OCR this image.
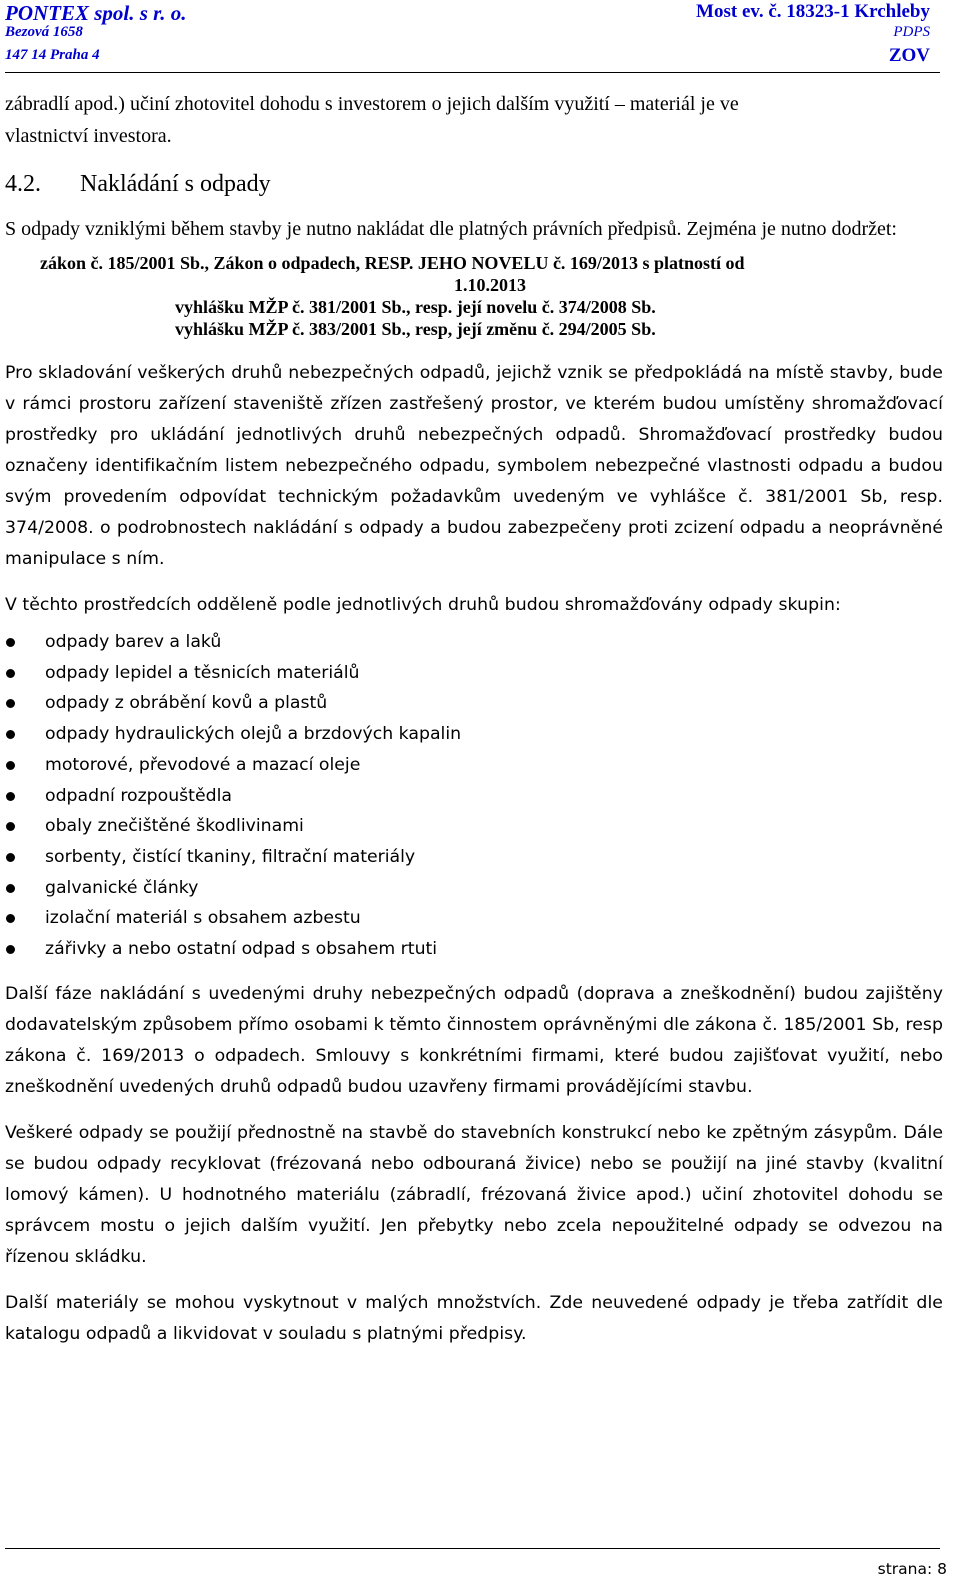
PONTEX spol. s r. o.
Bezová 1658
147 14 Praha 4
Most ev. č. 18323-1 Krchleby
PDPS
ZOV

zábradlí apod.) učiní zhotovitel dohodu s investorem o jejich dalším využití – materiál je ve

vlastnictví investora.

4.2.	Nakládání s odpady

S odpady vzniklými během stavby je nutno nakládat dle platných právních předpisů. Zejména je nutno dodržet:

zákon č. 185/2001 Sb., Zákon o odpadech, RESP. JEHO NOVELU č. 169/2013 s platností od
1.10.2013
vyhlášku MŽP č. 381/2001 Sb., resp. její novelu č. 374/2008 Sb.
vyhlášku MŽP č. 383/2001 Sb., resp, její změnu č. 294/2005 Sb.

Pro skladování veškerých druhů nebezpečných odpadů, jejichž vznik se předpokládá na místě stavby, bude v rámci prostoru zařízení staveniště zřízen zastřešený prostor, ve kterém budou umístěny shromažďovací prostředky pro ukládání jednotlivých druhů nebezpečných odpadů. Shromažďovací prostředky budou označeny identifikačním listem nebezpečného odpadu, symbolem nebezpečné vlastnosti odpadu a budou svým provedením odpovídat technickým požadavkům uvedeným ve vyhlášce č. 381/2001 Sb, resp. 374/2008. o podrobnostech nakládání s odpady a budou zabezpečeny proti zcizení odpadu a neoprávněné manipulace s ním.

V těchto prostředcích odděleně podle jednotlivých druhů budou shromažďovány odpady skupin:

odpady barev a laků
odpady lepidel a těsnicích materiálů
odpady z obrábění kovů a plastů
odpady hydraulických olejů a brzdových kapalin
motorové, převodové a mazací oleje
odpadní rozpouštědla
obaly znečištěné škodlivinami
sorbenty, čistící tkaniny, filtrační materiály
galvanické články
izolační materiál s obsahem azbestu
zářivky a nebo ostatní odpad s obsahem rtuti

Další fáze nakládání s uvedenými druhy nebezpečných odpadů (doprava a zneškodnění) budou zajištěny dodavatelským způsobem přímo osobami k těmto činnostem oprávněnými dle zákona č. 185/2001 Sb, resp zákona č. 169/2013 o odpadech. Smlouvy s konkrétními firmami, které budou zajišťovat využití, nebo zneškodnění uvedených druhů odpadů budou uzavřeny firmami provádějícími stavbu.

Veškeré odpady se použijí přednostně na stavbě do stavebních konstrukcí nebo ke zpětným zásypům. Dále se budou odpady recyklovat (frézovaná nebo odbouraná živice) nebo se použijí na jiné stavby (kvalitní lomový kámen). U hodnotného materiálu (zábradlí, frézovaná živice apod.) učiní zhotovitel dohodu se správcem mostu o jejich dalším využití. Jen přebytky nebo zcela nepoužitelné odpady se odvezou na řízenou skládku.

Další materiály se mohou vyskytnout v malých množstvích. Zde neuvedené odpady je třeba zatřídit dle katalogu odpadů a likvidovat v souladu s platnými předpisy.

strana: 8
